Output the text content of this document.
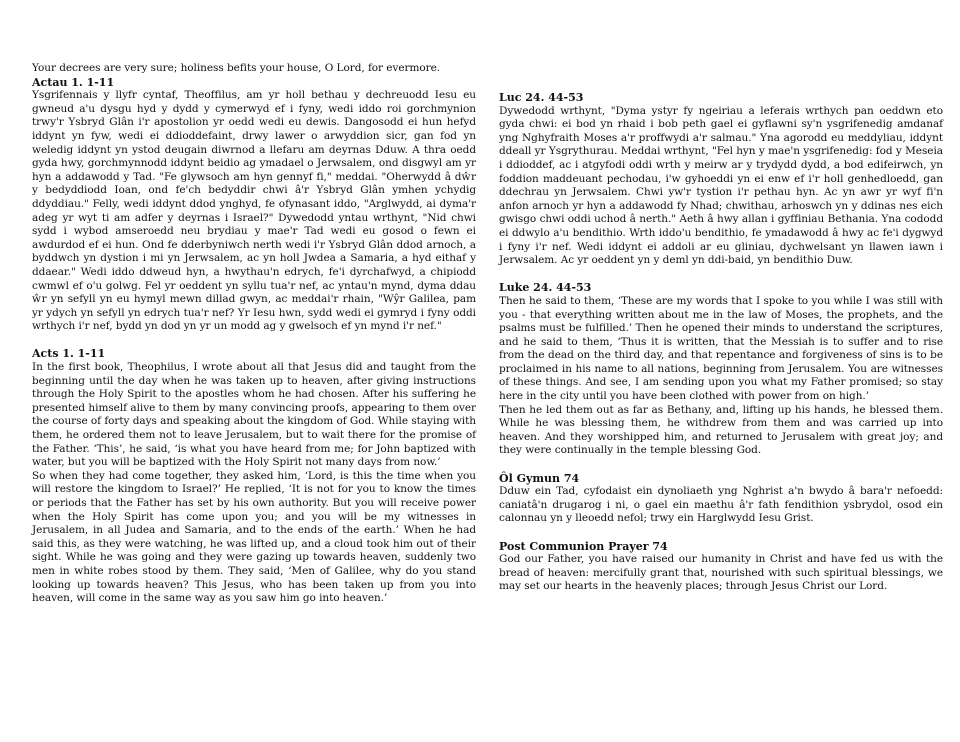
Your decrees are very sure; holiness befits your house, O Lord, for evermore.

Actau 1. 1-11

Ysgrifennais y llyfr cyntaf, Theoffilus, am yr holl bethau y dechreuodd Iesu eu gwneud a'u dysgu hyd y dydd y cymerwyd ef i fyny, wedi iddo roi gorchmynion trwy'r Ysbryd Glân i'r apostolion yr oedd wedi eu dewis. Dangosodd ei hun hefyd iddynt yn fyw, wedi ei ddioddefaint, drwy lawer o arwyddion sicr, gan fod yn weledig iddynt yn ystod deugain diwrnod a llefaru am deyrnas Dduw. A thra oedd gyda hwy, gorchmynnodd iddynt beidio ag ymadael o Jerwsalem, ond disgwyl am yr hyn a addawodd y Tad. "Fe glywsoch am hyn gennyf fi," meddai. "Oherwydd â dŵr y bedyddiodd Ioan, ond fe'ch bedyddir chwi â'r Ysbryd Glân ymhen ychydig ddyddiau." Felly, wedi iddynt ddod ynghyd, fe ofynasant iddo, "Arglwydd, ai dyma'r adeg yr wyt ti am adfer y deyrnas i Israel?" Dywedodd yntau wrthynt, "Nid chwi sydd i wybod amseroedd neu brydiau y mae'r Tad wedi eu gosod o fewn ei awdurdod ef ei hun. Ond fe dderbyniwch nerth wedi i'r Ysbryd Glân ddod arnoch, a byddwch yn dystion i mi yn Jerwsalem, ac yn holl Jwdea a Samaria, a hyd eithaf y ddaear." Wedi iddo ddweud hyn, a hwythau'n edrych, fe'i dyrchafwyd, a chipiodd cwmwl ef o'u golwg. Fel yr oeddent yn syllu tua'r nef, ac yntau'n mynd, dyma ddau ŵr yn sefyll yn eu hymyl mewn dillad gwyn, ac meddai'r rhain, "Wŷr Galilea, pam yr ydych yn sefyll yn edrych tua'r nef? Yr Iesu hwn, sydd wedi ei gymryd i fyny oddi wrthych i'r nef, bydd yn dod yn yr un modd ag y gwelsoch ef yn mynd i'r nef."

Acts 1. 1-11

In the first book, Theophilus, I wrote about all that Jesus did and taught from the beginning until the day when he was taken up to heaven, after giving instructions through the Holy Spirit to the apostles whom he had chosen. After his suffering he presented himself alive to them by many convincing proofs, appearing to them over the course of forty days and speaking about the kingdom of God. While staying with them, he ordered them not to leave Jerusalem, but to wait there for the promise of the Father. ‘This’, he said, ‘is what you have heard from me; for John baptized with water, but you will be baptized with the Holy Spirit not many days from now.’

So when they had come together, they asked him, ‘Lord, is this the time when you will restore the kingdom to Israel?’ He replied, ‘It is not for you to know the times or periods that the Father has set by his own authority. But you will receive power when the Holy Spirit has come upon you; and you will be my witnesses in Jerusalem, in all Judea and Samaria, and to the ends of the earth.’ When he had said this, as they were watching, he was lifted up, and a cloud took him out of their sight. While he was going and they were gazing up towards heaven, suddenly two men in white robes stood by them. They said, ‘Men of Galilee, why do you stand looking up towards heaven? This Jesus, who has been taken up from you into heaven, will come in the same way as you saw him go into heaven.’

Luc 24. 44-53

Dywedodd wrthynt, "Dyma ystyr fy ngeiriau a leferais wrthych pan oeddwn eto gyda chwi: ei bod yn rhaid i bob peth gael ei gyflawni sy'n ysgrifenedig amdanaf yng Nghyfraith Moses a'r proffwydi a'r salmau." Yna agorodd eu meddyliau, iddynt ddeall yr Ysgrythurau. Meddai wrthynt, "Fel hyn y mae'n ysgrifenedig: fod y Meseia i ddioddef, ac i atgyfodi oddi wrth y meirw ar y trydydd dydd, a bod edifeirwch, yn foddion maddeuant pechodau, i'w gyhoeddi yn ei enw ef i'r holl genhedloedd, gan ddechrau yn Jerwsalem. Chwi yw'r tystion i'r pethau hyn. Ac yn awr yr wyf fi'n anfon arnoch yr hyn a addawodd fy Nhad; chwithau, arhoswch yn y ddinas nes eich gwisgo chwi oddi uchod â nerth." Aeth â hwy allan i gyffiniau Bethania. Yna cododd ei ddwylo a'u bendithio. Wrth iddo'u bendithio, fe ymadawodd â hwy ac fe'i dygwyd i fyny i'r nef. Wedi iddynt ei addoli ar eu gliniau, dychwelsant yn llawen iawn i Jerwsalem. Ac yr oeddent yn y deml yn ddi-baid, yn bendithio Duw.

Luke 24. 44-53

Then he said to them, ‘These are my words that I spoke to you while I was still with you - that everything written about me in the law of Moses, the prophets, and the psalms must be fulfilled.’ Then he opened their minds to understand the scriptures, and he said to them, ‘Thus it is written, that the Messiah is to suffer and to rise from the dead on the third day, and that repentance and forgiveness of sins is to be proclaimed in his name to all nations, beginning from Jerusalem. You are witnesses of these things. And see, I am sending upon you what my Father promised; so stay here in the city until you have been clothed with power from on high.’

Then he led them out as far as Bethany, and, lifting up his hands, he blessed them. While he was blessing them, he withdrew from them and was carried up into heaven. And they worshipped him, and returned to Jerusalem with great joy; and they were continually in the temple blessing God.

Ôl Gymun 74

Dduw ein Tad, cyfodaist ein dynoliaeth yng Nghrist a'n bwydo â bara'r nefoedd: caniatâ'n drugarog i ni, o gael ein maethu â'r fath fendithion ysbrydol, osod ein calonnau yn y lleoedd nefol; trwy ein Harglwydd Iesu Grist.

Post Communion Prayer 74

God our Father, you have raised our humanity in Christ and have fed us with the bread of heaven: mercifully grant that, nourished with such spiritual blessings, we may set our hearts in the heavenly places; through Jesus Christ our Lord.
